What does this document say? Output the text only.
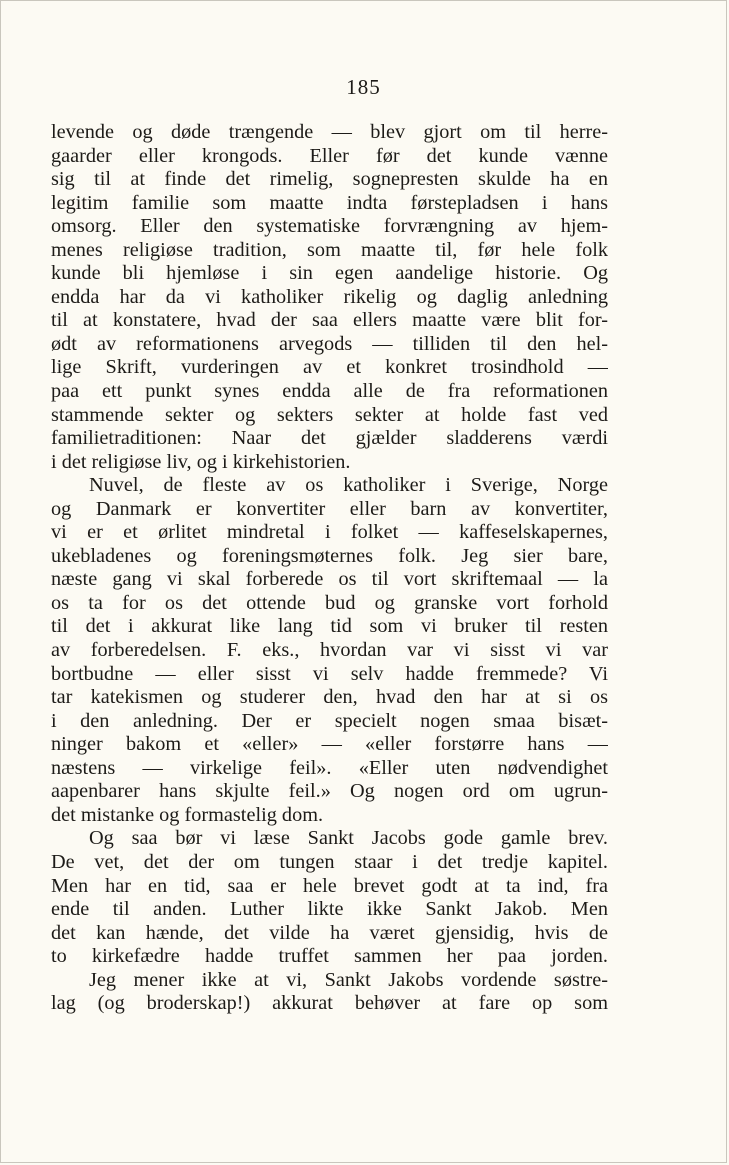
185
levende og døde trængende — blev gjort om til herre-
gaarder eller krongods. Eller før det kunde vænne
sig til at finde det rimelig, sognepresten skulde ha en
legitim familie som maatte indta førstepladsen i hans
omsorg. Eller den systematiske forvrængning av hjem-
menes religiøse tradition, som maatte til, før hele folk
kunde bli hjemløse i sin egen aandelige historie. Og
endda har da vi katholiker rikelig og daglig anledning
til at konstatere, hvad der saa ellers maatte være blit for-
ødt av reformationens arvegods — tilliden til den hel-
lige Skrift, vurderingen av et konkret trosindhold —
paa ett punkt synes endda alle de fra reformationen
stammende sekter og sekters sekter at holde fast ved
familietraditionen: Naar det gjælder sladderens værdi
i det religiøse liv, og i kirkehistorien.
Nuvel, de fleste av os katholiker i Sverige, Norge
og Danmark er konvertiter eller barn av konvertiter,
vi er et ørlitet mindretal i folket — kaffeselskapernes,
ukebladenes og foreningsmøternes folk. Jeg sier bare,
næste gang vi skal forberede os til vort skriftemaal — la
os ta for os det ottende bud og granske vort forhold
til det i akkurat like lang tid som vi bruker til resten
av forberedelsen. F. eks., hvordan var vi sisst vi var
bortbudne — eller sisst vi selv hadde fremmede? Vi
tar katekismen og studerer den, hvad den har at si os
i den anledning. Der er specielt nogen smaa bisæt-
ninger bakom et «eller» — «eller forstørre hans —
næstens — virkelige feil». «Eller uten nødvendighet
aapenbarer hans skjulte feil.» Og nogen ord om ugrun-
det mistanke og formastelig dom.
Og saa bør vi læse Sankt Jacobs gode gamle brev.
De vet, det der om tungen staar i det tredje kapitel.
Men har en tid, saa er hele brevet godt at ta ind, fra
ende til anden. Luther likte ikke Sankt Jakob. Men
det kan hænde, det vilde ha været gjensidig, hvis de
to kirkefædre hadde truffet sammen her paa jorden.
Jeg mener ikke at vi, Sankt Jakobs vordende søstre-
lag (og broderskap!) akkurat behøver at fare op som
